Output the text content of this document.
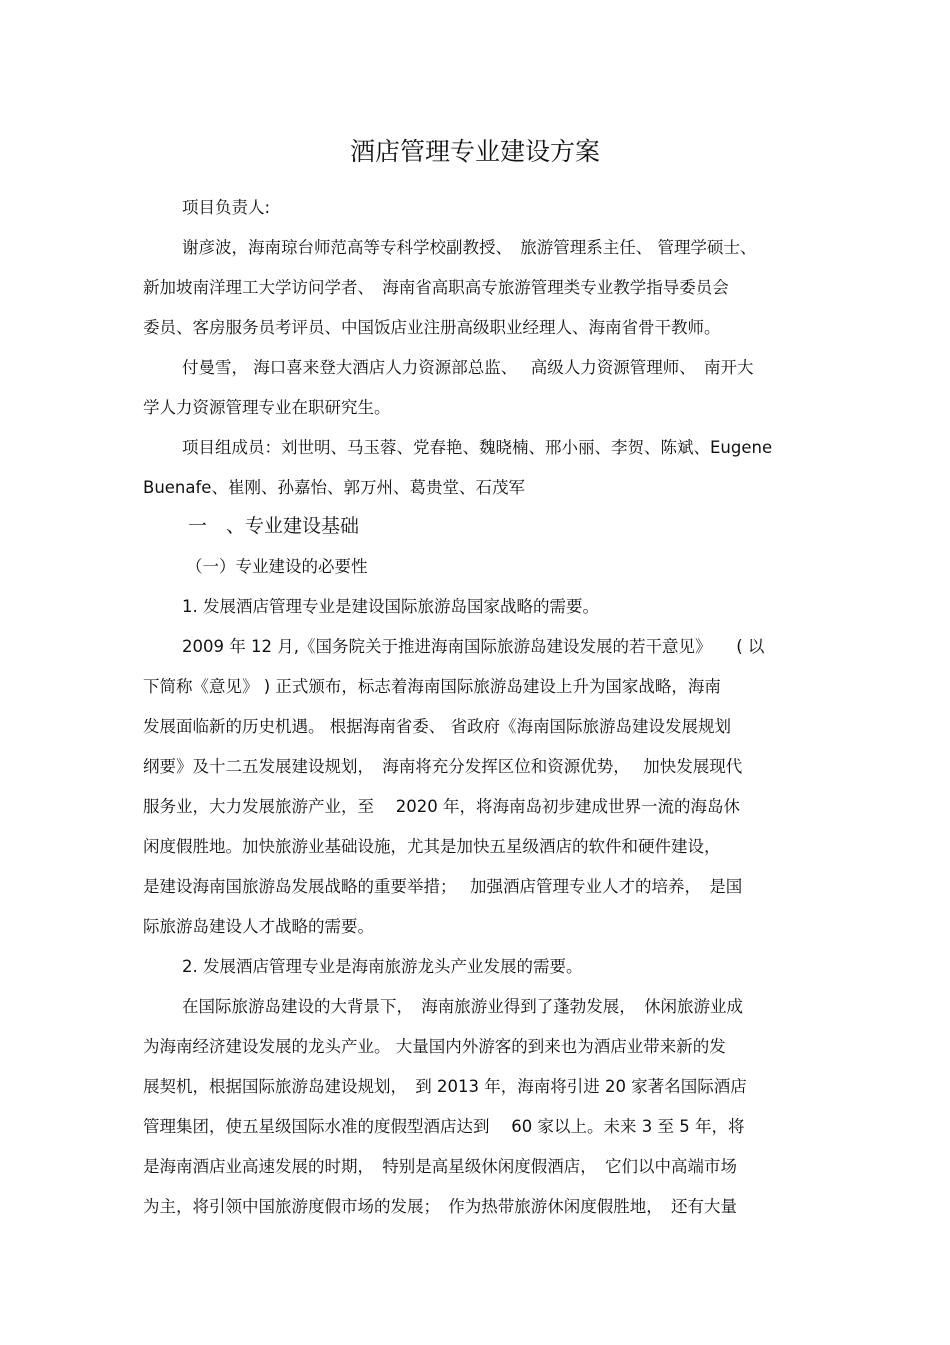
酒店管理专业建设方案
项目负责人:
谢彦波，海南琼台师范高等专科学校副教授、　旅游管理系主任、 管理学硕士、
新加坡南洋理工大学访问学者、　海南省高职高专旅游管理类专业教学指导委员会
委员、客房服务员考评员、中国饭店业注册高级职业经理人、海南省骨干教师。
付曼雪， 海口喜来登大酒店人力资源部总监、　 高级人力资源管理师、　南开大
学人力资源管理专业在职研究生。
项目组成员：刘世明、马玉蓉、党春艳、魏晓楠、邢小丽、李贺、陈斌、Eugene
Buenafe、崔刚、孙嘉怡、郭万州、葛贵堂、石茂军
一　、专业建设基础
（一）专业建设的必要性
1. 发展酒店管理专业是建设国际旅游岛国家战略的需要。
2009 年 12 月,《国务院关于推进海南国际旅游岛建设发展的若干意见》　　( 以
下简称《意见》 ) 正式颁布，标志着海南国际旅游岛建设上升为国家战略，海南
发展面临新的历史机遇。 根据海南省委、 省政府《海南国际旅游岛建设发展规划
纲要》及十二五发展建设规划，　海南将充分发挥区位和资源优势，　 加快发展现代
服务业，大力发展旅游产业，至　 2020 年，将海南岛初步建成世界一流的海岛休
闲度假胜地。加快旅游业基础设施，尤其是加快五星级酒店的软件和硬件建设，
是建设海南国旅游岛发展战略的重要举措；　 加强酒店管理专业人才的培养，　是国
际旅游岛建设人才战略的需要。
2. 发展酒店管理专业是海南旅游龙头产业发展的需要。
在国际旅游岛建设的大背景下，　海南旅游业得到了蓬勃发展，　休闲旅游业成
为海南经济建设发展的龙头产业。 大量国内外游客的到来也为酒店业带来新的发
展契机，根据国际旅游岛建设规划，　到 2013 年，海南将引进 20 家著名国际酒店
管理集团，使五星级国际水准的度假型酒店达到　 60 家以上。未来 3 至 5 年，将
是海南酒店业高速发展的时期，　特别是高星级休闲度假酒店，　它们以中高端市场
为主，将引领中国旅游度假市场的发展；　作为热带旅游休闲度假胜地，　还有大量
